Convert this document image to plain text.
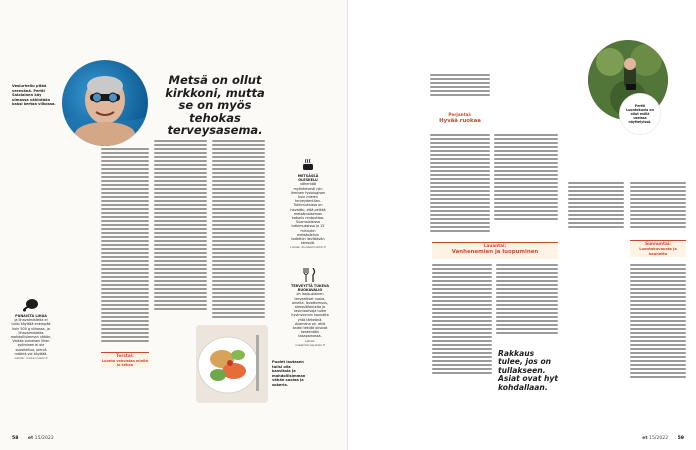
Vesiurheilu pitää verevänä. Pertti Salolainen käy uimassa vähintään kaksi kertaa viikossa.
Metsä on ollut kirkkoni, mutta se on myös tehokas terveysasema.
Torstai:
Luonto vahvistaa mieltä ja kehoa
Puolet lautasen tulisi olla kasviksia ja mahdollisimman vähän suolaa ja sokeria.
METSÄSSÄ OLESKELU
vähentää myönteisesti niin ihmisen fysiologisen kuin mielen terveydentilan. Tutkimuksissa on havaittu, että pelkkä metsämaiseman katselu rentouttaa. Suomalaisissa tutkimuksissa jo 15 minuutin metsäoleilun todettiin lievittävän stressiä.
Lähde: duodecimlehti.fi
TERVEYTTÄ TUKEVA RUOKAVALIO
on laaja-alainen terveelliset ruoka-aineita, levottomuus, stressitilanteita ja ravintoarvoja tulee hyvinvoinnin kannalta yhtä tärkeänä. Avainena on, että kaikki tekijät olisivat keskenään tasapainossa.
Lähde: mielenterveystalo.fi
PUNAISTA LIHAA
ja lihavalmisteita ei tulisi käyttää enempää kuin 500 g viikossa, ja lihavalmisteita mahdollisimman vähän. Vaikka punaisen lihan syöminen ei ole suositeltua, pieniä määriä voi käyttää.
Lähde: ruokavirasto.fi
58 et 15/2022
Perjantai:
Hyvää ruokaa
Lauantai:
Vanhenemien ja luopuminen
Rakkaus tulee, jos on tullakseen. Asiat ovat hyt kohdallaan.
Pertti Luontokuvia on ollut esillä useissa näyttelyissä.
Sunnuntai:
Luontokuvausta ja kaunetta
et 15/2022 59
